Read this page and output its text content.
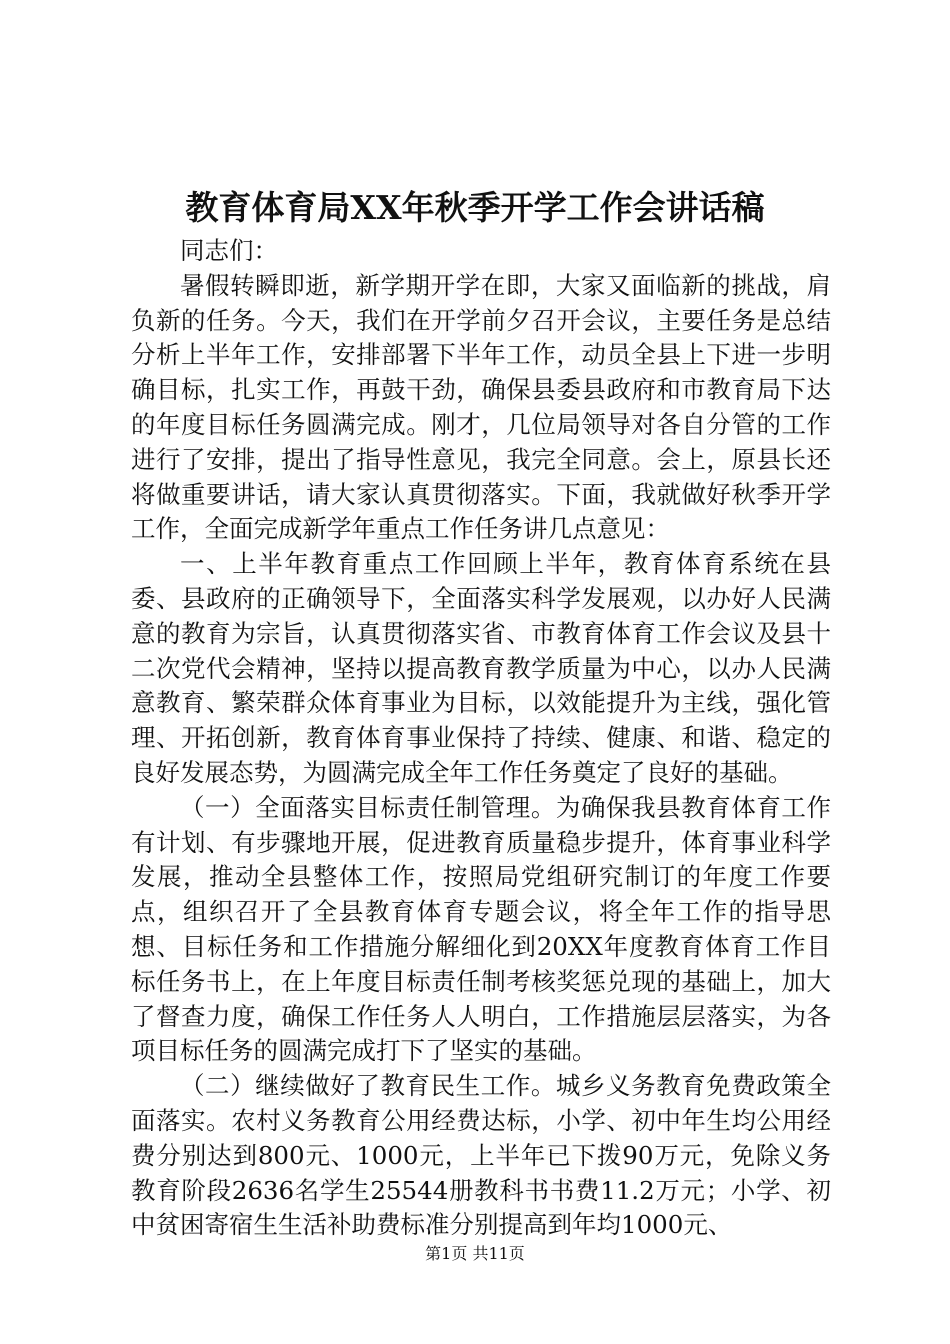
教育体育局XX年秋季开学工作会讲话稿

同志们：

暑假转瞬即逝，新学期开学在即，大家又面临新的挑战，肩负新的任务。今天，我们在开学前夕召开会议，主要任务是总结分析上半年工作，安排部署下半年工作，动员全县上下进一步明确目标，扎实工作，再鼓干劲，确保县委县政府和市教育局下达的年度目标任务圆满完成。刚才，几位局领导对各自分管的工作进行了安排，提出了指导性意见，我完全同意。会上，原县长还将做重要讲话，请大家认真贯彻落实。下面，我就做好秋季开学工作，全面完成新学年重点工作任务讲几点意见：

一、上半年教育重点工作回顾上半年，教育体育系统在县委、县政府的正确领导下，全面落实科学发展观，以办好人民满意的教育为宗旨，认真贯彻落实省、市教育体育工作会议及县十二次党代会精神，坚持以提高教育教学质量为中心，以办人民满意教育、繁荣群众体育事业为目标，以效能提升为主线，强化管理、开拓创新，教育体育事业保持了持续、健康、和谐、稳定的良好发展态势，为圆满完成全年工作任务奠定了良好的基础。

（一）全面落实目标责任制管理。为确保我县教育体育工作有计划、有步骤地开展，促进教育质量稳步提升，体育事业科学发展，推动全县整体工作，按照局党组研究制订的年度工作要点，组织召开了全县教育体育专题会议，将全年工作的指导思想、目标任务和工作措施分解细化到20XX年度教育体育工作目标任务书上，在上年度目标责任制考核奖惩兑现的基础上，加大了督查力度，确保工作任务人人明白，工作措施层层落实，为各项目标任务的圆满完成打下了坚实的基础。

（二）继续做好了教育民生工作。城乡义务教育免费政策全面落实。农村义务教育公用经费达标，小学、初中年生均公用经费分别达到800元、1000元，上半年已下拨90万元，免除义务教育阶段2636名学生25544册教科书书费11.2万元；小学、初中贫困寄宿生生活补助费标准分别提高到年均1000元、

第1页 共11页
